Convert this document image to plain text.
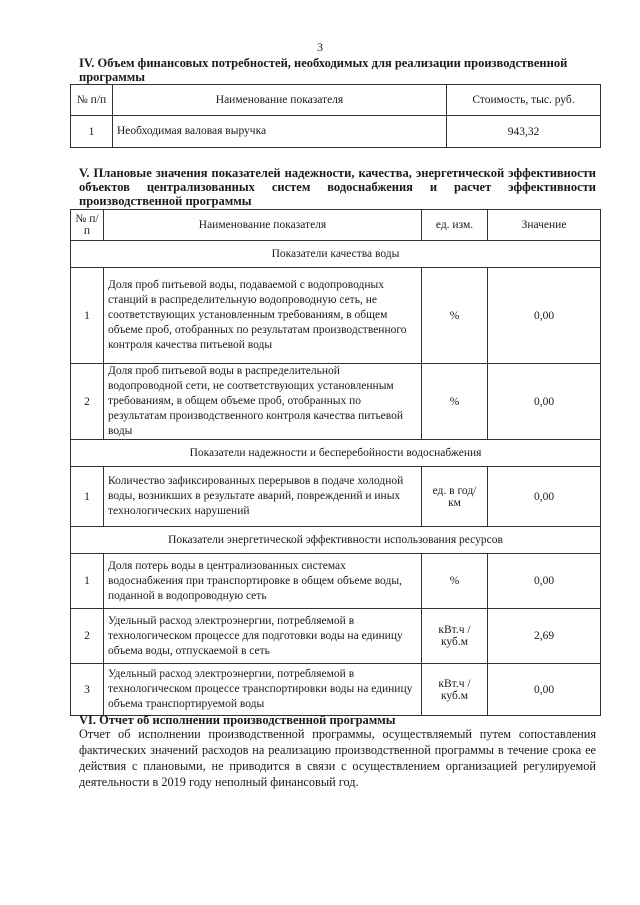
3
IV. Объем финансовых потребностей, необходимых для реализации производственной программы
№ п/п	Наименование показателя	Стоимость, тыс. руб.
1	Необходимая валовая выручка	943,32
V. Плановые значения показателей надежности, качества, энергетической эффективности объектов централизованных систем водоснабжения и расчет эффективности производственной программы
№ п/п	Наименование показателя	ед. изм.	Значение
Показатели качества воды			
1	Доля проб питьевой воды, подаваемой с водопроводных станций в распределительную водопроводную сеть, не соответствующих установленным требованиям, в общем объеме проб, отобранных по результатам производственного контроля качества питьевой воды	%	0,00
2	Доля проб питьевой воды в распределительной водопроводной сети, не соответствующих установленным требованиям, в общем объеме проб, отобранных по результатам производственного контроля качества питьевой воды	%	0,00
Показатели надежности и бесперебойности водоснабжения			
1	Количество зафиксированных перерывов в подаче холодной воды, возникших в результате аварий, повреждений и иных технологических нарушений	ед. в год/ км	0,00
Показатели энергетической эффективности использования ресурсов			
1	Доля потерь воды в централизованных системах водоснабжения при транспортировке в общем объеме воды, поданной в водопроводную сеть	%	0,00
2	Удельный расход электроэнергии, потребляемой в технологическом процессе для подготовки воды на единицу объема воды, отпускаемой в сеть	кВт.ч / куб.м	2,69
3	Удельный расход электроэнергии, потребляемой в технологическом процессе транспортировки воды на единицу объема транспортируемой воды	кВт.ч / куб.м	0,00
VI. Отчет об исполнении производственной программы
Отчет об исполнении производственной программы, осуществляемый путем сопоставления фактических значений расходов на реализацию производственной программы в течение срока ее действия с плановыми, не приводится в связи с осуществлением организацией регулируемой деятельности в 2019 году неполный финансовый год.
